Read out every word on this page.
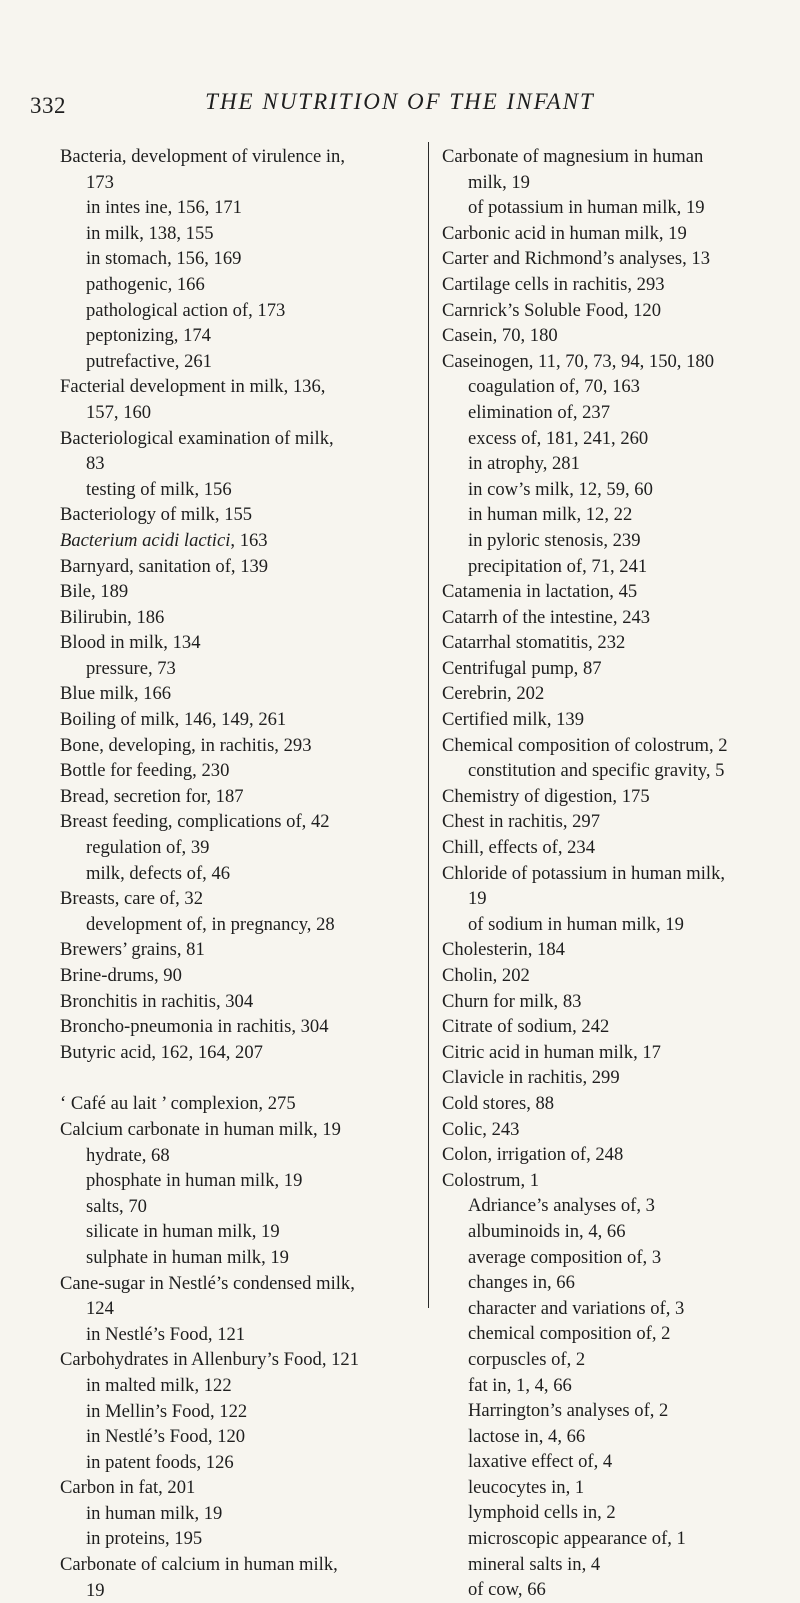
332	THE NUTRITION OF THE INFANT
Bacteria, development of virulence in,
173
in intes ine, 156, 171
in milk, 138, 155
in stomach, 156, 169
pathogenic, 166
pathological action of, 173
peptonizing, 174
putrefactive, 261
Facterial development in milk, 136,
157, 160
Bacteriological examination of milk,
83
testing of milk, 156
Bacteriology of milk, 155
Bacterium acidi lactici, 163
Barnyard, sanitation of, 139
Bile, 189
Bilirubin, 186
Blood in milk, 134
pressure, 73
Blue milk, 166
Boiling of milk, 146, 149, 261
Bone, developing, in rachitis, 293
Bottle for feeding, 230
Bread, secretion for, 187
Breast feeding, complications of, 42
regulation of, 39
milk, defects of, 46
Breasts, care of, 32
development of, in pregnancy, 28
Brewers’ grains, 81
Brine-drums, 90
Bronchitis in rachitis, 304
Broncho-pneumonia in rachitis, 304
Butyric acid, 162, 164, 207
‘ Café au lait ’ complexion, 275
Calcium carbonate in human milk, 19
hydrate, 68
phosphate in human milk, 19
salts, 70
silicate in human milk, 19
sulphate in human milk, 19
Cane-sugar in Nestlé’s condensed milk,
124
in Nestlé’s Food, 121
Carbohydrates in Allenbury’s Food, 121
in malted milk, 122
in Mellin’s Food, 122
in Nestlé’s Food, 120
in patent foods, 126
Carbon in fat, 201
in human milk, 19
in proteins, 195
Carbonate of calcium in human milk,
19
Carbonate of magnesium in human
milk, 19
of potassium in human milk, 19
Carbonic acid in human milk, 19
Carter and Richmond’s analyses, 13
Cartilage cells in rachitis, 293
Carnrick’s Soluble Food, 120
Casein, 70, 180
Caseinogen, 11, 70, 73, 94, 150, 180
coagulation of, 70, 163
elimination of, 237
excess of, 181, 241, 260
in atrophy, 281
in cow’s milk, 12, 59, 60
in human milk, 12, 22
in pyloric stenosis, 239
precipitation of, 71, 241
Catamenia in lactation, 45
Catarrh of the intestine, 243
Catarrhal stomatitis, 232
Centrifugal pump, 87
Cerebrin, 202
Certified milk, 139
Chemical composition of colostrum, 2
constitution and specific gravity, 5
Chemistry of digestion, 175
Chest in rachitis, 297
Chill, effects of, 234
Chloride of potassium in human milk,
19
of sodium in human milk, 19
Cholesterin, 184
Cholin, 202
Churn for milk, 83
Citrate of sodium, 242
Citric acid in human milk, 17
Clavicle in rachitis, 299
Cold stores, 88
Colic, 243
Colon, irrigation of, 248
Colostrum, 1
Adriance’s analyses of, 3
albuminoids in, 4, 66
average composition of, 3
changes in, 66
character and variations of, 3
chemical composition of, 2
corpuscles of, 2
fat in, 1, 4, 66
Harrington’s analyses of, 2
lactose in, 4, 66
laxative effect of, 4
leucocytes in, 1
lymphoid cells in, 2
microscopic appearance of, 1
mineral salts in, 4
of cow, 66
